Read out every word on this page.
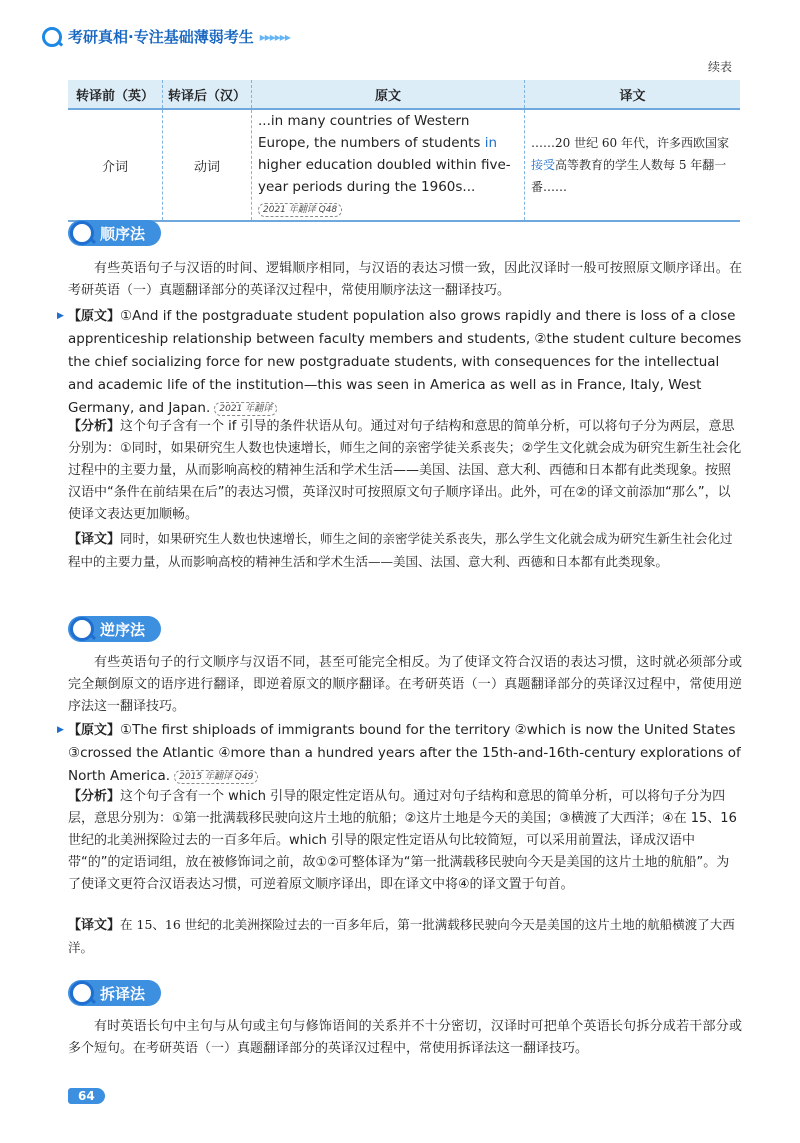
考研真相·专注基础薄弱考生 ▸▸▸▸▸▸
续表
转译前（英）	转译后（汉）	原文	译文
介词	动词	...in many countries of Western Europe, the numbers of students in higher education doubled within five-year periods during the 1960s...2021 年翻译 Q48	……20 世纪 60 年代，许多西欧国家接受高等教育的学生人数每 5 年翻一番……
顺序法
有些英语句子与汉语的时间、逻辑顺序相同，与汉语的表达习惯一致，因此汉译时一般可按照原文顺序译出。在考研英语（一）真题翻译部分的英译汉过程中，常使用顺序法这一翻译技巧。
▶ 【原文】①And if the postgraduate student population also grows rapidly and there is loss of a close apprenticeship relationship between faculty members and students, ②the student culture becomes the chief socializing force for new postgraduate students, with consequences for the intellectual and academic life of the institution—this was seen in America as well as in France, Italy, West Germany, and Japan. 2021 年翻译
【分析】这个句子含有一个 if 引导的条件状语从句。通过对句子结构和意思的简单分析，可以将句子分为两层，意思分别为：①同时，如果研究生人数也快速增长，师生之间的亲密学徒关系丧失；②学生文化就会成为研究生新生社会化过程中的主要力量，从而影响高校的精神生活和学术生活——美国、法国、意大利、西德和日本都有此类现象。按照汉语中“条件在前结果在后”的表达习惯，英译汉时可按照原文句子顺序译出。此外，可在②的译文前添加“那么”，以使译文表达更加顺畅。
【译文】同时，如果研究生人数也快速增长，师生之间的亲密学徒关系丧失，那么学生文化就会成为研究生新生社会化过程中的主要力量，从而影响高校的精神生活和学术生活——美国、法国、意大利、西德和日本都有此类现象。
逆序法
有些英语句子的行文顺序与汉语不同，甚至可能完全相反。为了使译文符合汉语的表达习惯，这时就必须部分或完全颠倒原文的语序进行翻译，即逆着原文的顺序翻译。在考研英语（一）真题翻译部分的英译汉过程中，常使用逆序法这一翻译技巧。
▶ 【原文】①The first shiploads of immigrants bound for the territory ②which is now the United States ③crossed the Atlantic ④more than a hundred years after the 15th-and-16th-century explorations of North America. 2015 年翻译 Q49
【分析】这个句子含有一个 which 引导的限定性定语从句。通过对句子结构和意思的简单分析，可以将句子分为四层，意思分别为：①第一批满载移民驶向这片土地的航船；②这片土地是今天的美国；③横渡了大西洋；④在 15、16 世纪的北美洲探险过去的一百多年后。which 引导的限定性定语从句比较简短，可以采用前置法，译成汉语中带“的”的定语词组，放在被修饰词之前，故①②可整体译为“第一批满载移民驶向今天是美国的这片土地的航船”。为了使译文更符合汉语表达习惯，可逆着原文顺序译出，即在译文中将④的译文置于句首。
【译文】在 15、16 世纪的北美洲探险过去的一百多年后，第一批满载移民驶向今天是美国的这片土地的航船横渡了大西洋。
拆译法
有时英语长句中主句与从句或主句与修饰语间的关系并不十分密切，汉译时可把单个英语长句拆分成若干部分或多个短句。在考研英语（一）真题翻译部分的英译汉过程中，常使用拆译法这一翻译技巧。
64
